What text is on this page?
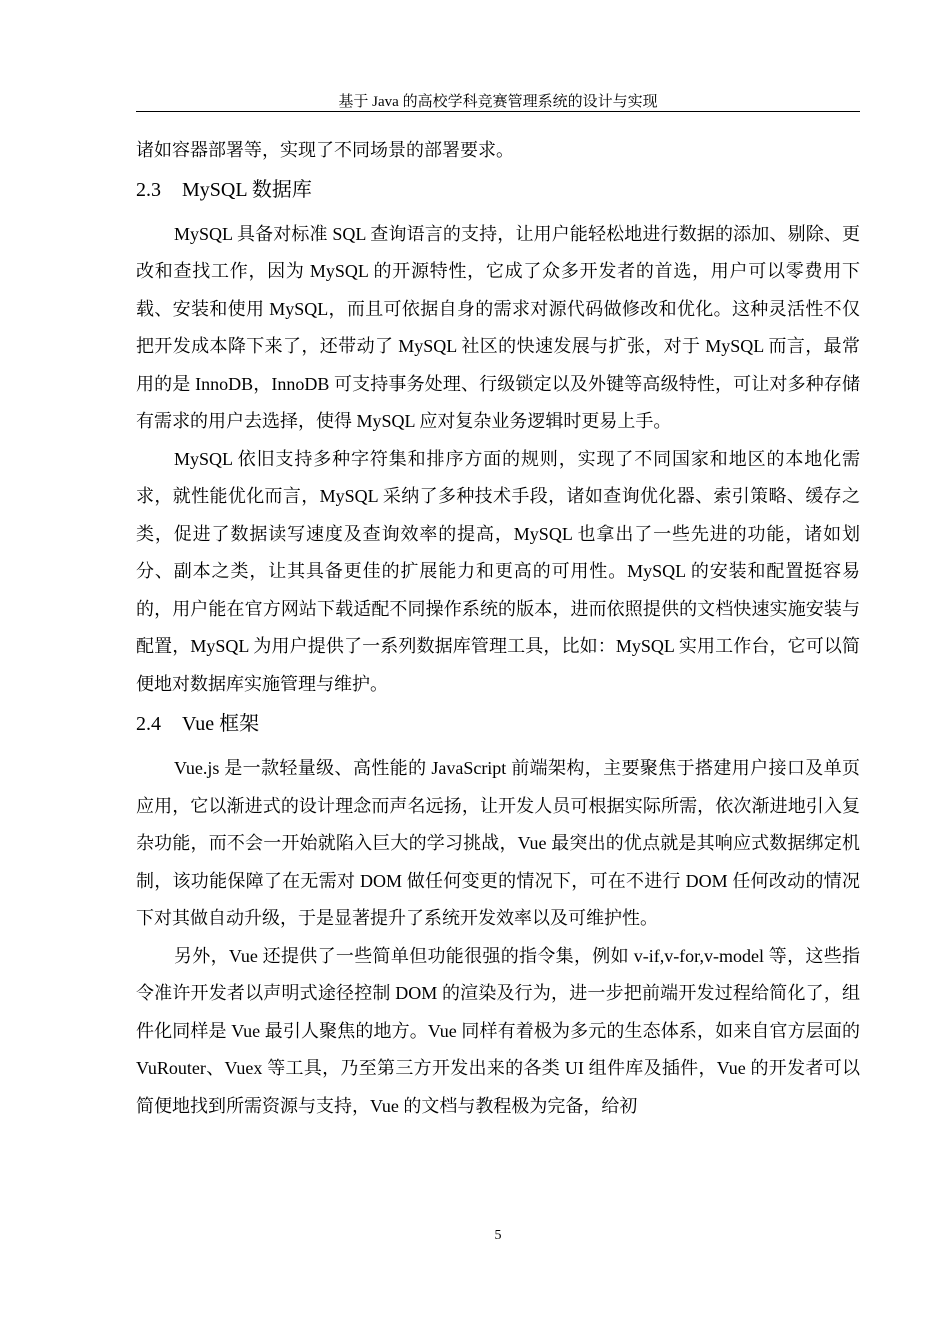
基于 Java 的高校学科竞赛管理系统的设计与实现

诸如容器部署等，实现了不同场景的部署要求。

2.3 MySQL 数据库

MySQL 具备对标准 SQL 查询语言的支持，让用户能轻松地进行数据的添加、剔除、更改和查找工作，因为 MySQL 的开源特性，它成了众多开发者的首选，用户可以零费用下载、安装和使用 MySQL，而且可依据自身的需求对源代码做修改和优化。这种灵活性不仅把开发成本降下来了，还带动了 MySQL 社区的快速发展与扩张，对于 MySQL 而言，最常用的是 InnoDB，InnoDB 可支持事务处理、行级锁定以及外键等高级特性，可让对多种存储有需求的用户去选择，使得 MySQL 应对复杂业务逻辑时更易上手。

MySQL 依旧支持多种字符集和排序方面的规则，实现了不同国家和地区的本地化需求，就性能优化而言，MySQL 采纳了多种技术手段，诸如查询优化器、索引策略、缓存之类，促进了数据读写速度及查询效率的提高，MySQL 也拿出了一些先进的功能，诸如划分、副本之类，让其具备更佳的扩展能力和更高的可用性。MySQL 的安装和配置挺容易的，用户能在官方网站下载适配不同操作系统的版本，进而依照提供的文档快速实施安装与配置，MySQL 为用户提供了一系列数据库管理工具，比如：MySQL 实用工作台，它可以简便地对数据库实施管理与维护。

2.4 Vue 框架

Vue.js 是一款轻量级、高性能的 JavaScript 前端架构，主要聚焦于搭建用户接口及单页应用，它以渐进式的设计理念而声名远扬，让开发人员可根据实际所需，依次渐进地引入复杂功能，而不会一开始就陷入巨大的学习挑战，Vue 最突出的优点就是其响应式数据绑定机制，该功能保障了在无需对 DOM 做任何变更的情况下，可在不进行 DOM 任何改动的情况下对其做自动升级，于是显著提升了系统开发效率以及可维护性。

另外，Vue 还提供了一些简单但功能很强的指令集，例如 v-if,v-for,v-model 等，这些指令准许开发者以声明式途径控制 DOM 的渲染及行为，进一步把前端开发过程给简化了，组件化同样是 Vue 最引人聚焦的地方。Vue 同样有着极为多元的生态体系，如来自官方层面的 VuRouter、Vuex 等工具，乃至第三方开发出来的各类 UI 组件库及插件，Vue 的开发者可以简便地找到所需资源与支持，Vue 的文档与教程极为完备，给初

5
